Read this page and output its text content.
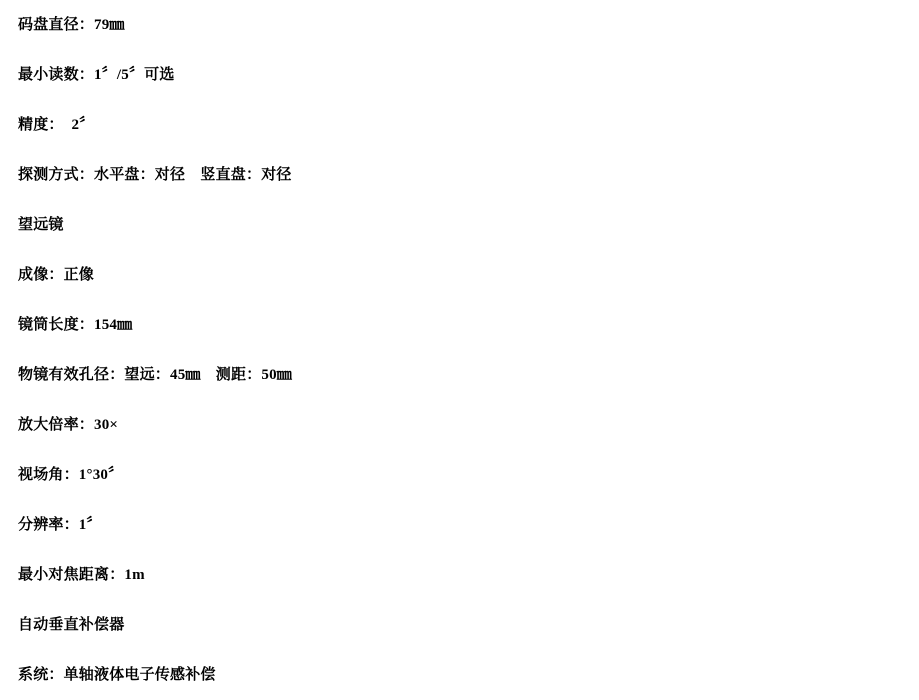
码盘直径：79㎜
最小读数：1〞/5〞可选
精度：  2〞
探测方式：水平盘：对径　竖直盘：对径
望远镜
成像：正像
镜筒长度：154㎜
物镜有效孔径：望远：45㎜　测距：50㎜
放大倍率：30×
视场角：1°30〞
分辨率：1〞
最小对焦距离：1m
自动垂直补偿器
系统：单轴液体电子传感补偿
